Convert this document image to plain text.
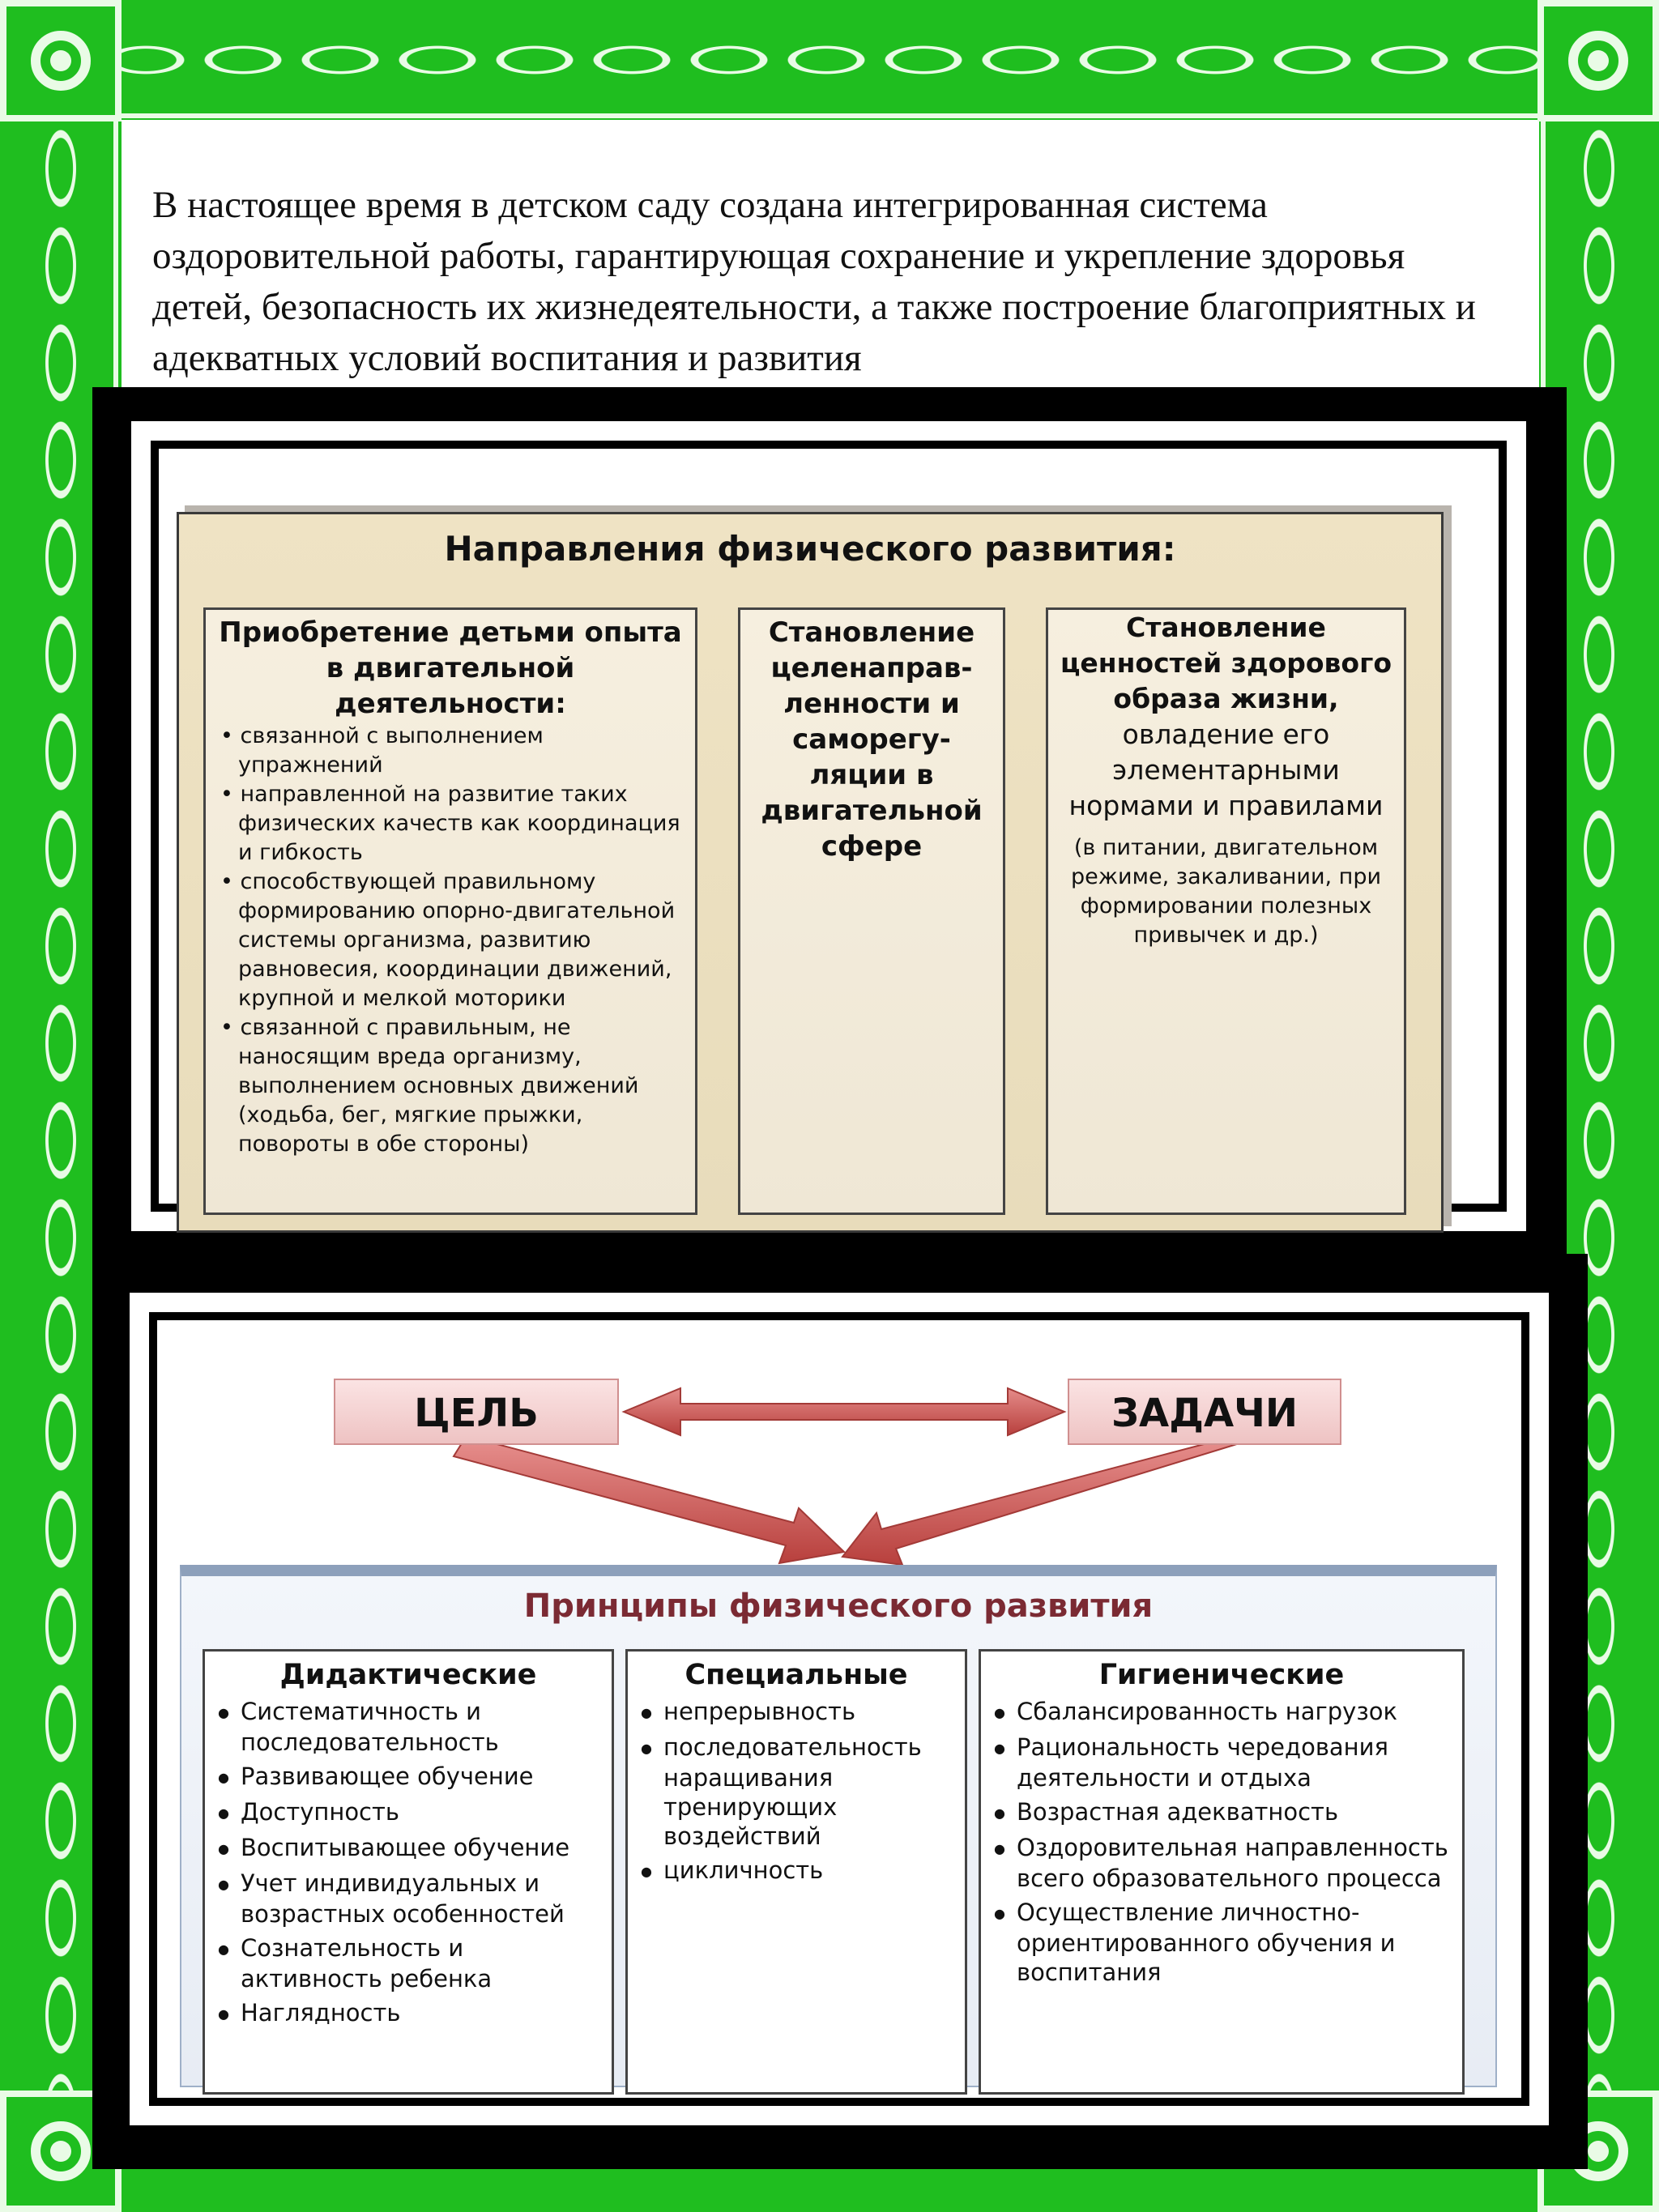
В настоящее время в детском саду создана интегрированная система оздоровительной работы, гарантирующая сохранение и укрепление здоровья детей, безопасность их жизнедеятельности, а также построение благоприятных и адекватных условий воспитания и развития

Направления физического развития:
Приобретение детьми опыта в двигательной деятельности:
• связанной с выполнением упражнений
• направленной на развитие таких физических качеств как координация и гибкость
• способствующей правильному формированию опорно-двигательной системы организма, развитию равновесия, координации движений, крупной и мелкой моторики
• связанной с правильным, не наносящим вреда организму, выполнением основных движений (ходьба, бег, мягкие прыжки, повороты в обе стороны)
Становление целенаправ-ленности и саморегу-ляции в двигательной сфере
Становление ценностей здорового образа жизни, овладение его элементарными нормами и правилами
(в питании, двигательном режиме, закаливании, при формировании полезных привычек и др.)
ЦЕЛЬ	ЗАДАЧИ
Принципы физического развития
Дидактические
● Систематичность и последовательность
● Развивающее обучение
● Доступность
● Воспитывающее обучение
● Учет индивидуальных и возрастных особенностей
● Сознательность и активность ребенка
● Наглядность
Специальные
● непрерывность
● последовательность наращивания тренирующих воздействий
● цикличность
Гигиенические
● Сбалансированность нагрузок
● Рациональность чередования деятельности и отдыха
● Возрастная адекватность
● Оздоровительная направленность всего образовательного процесса
● Осуществление личностно-ориентированного обучения и воспитания
